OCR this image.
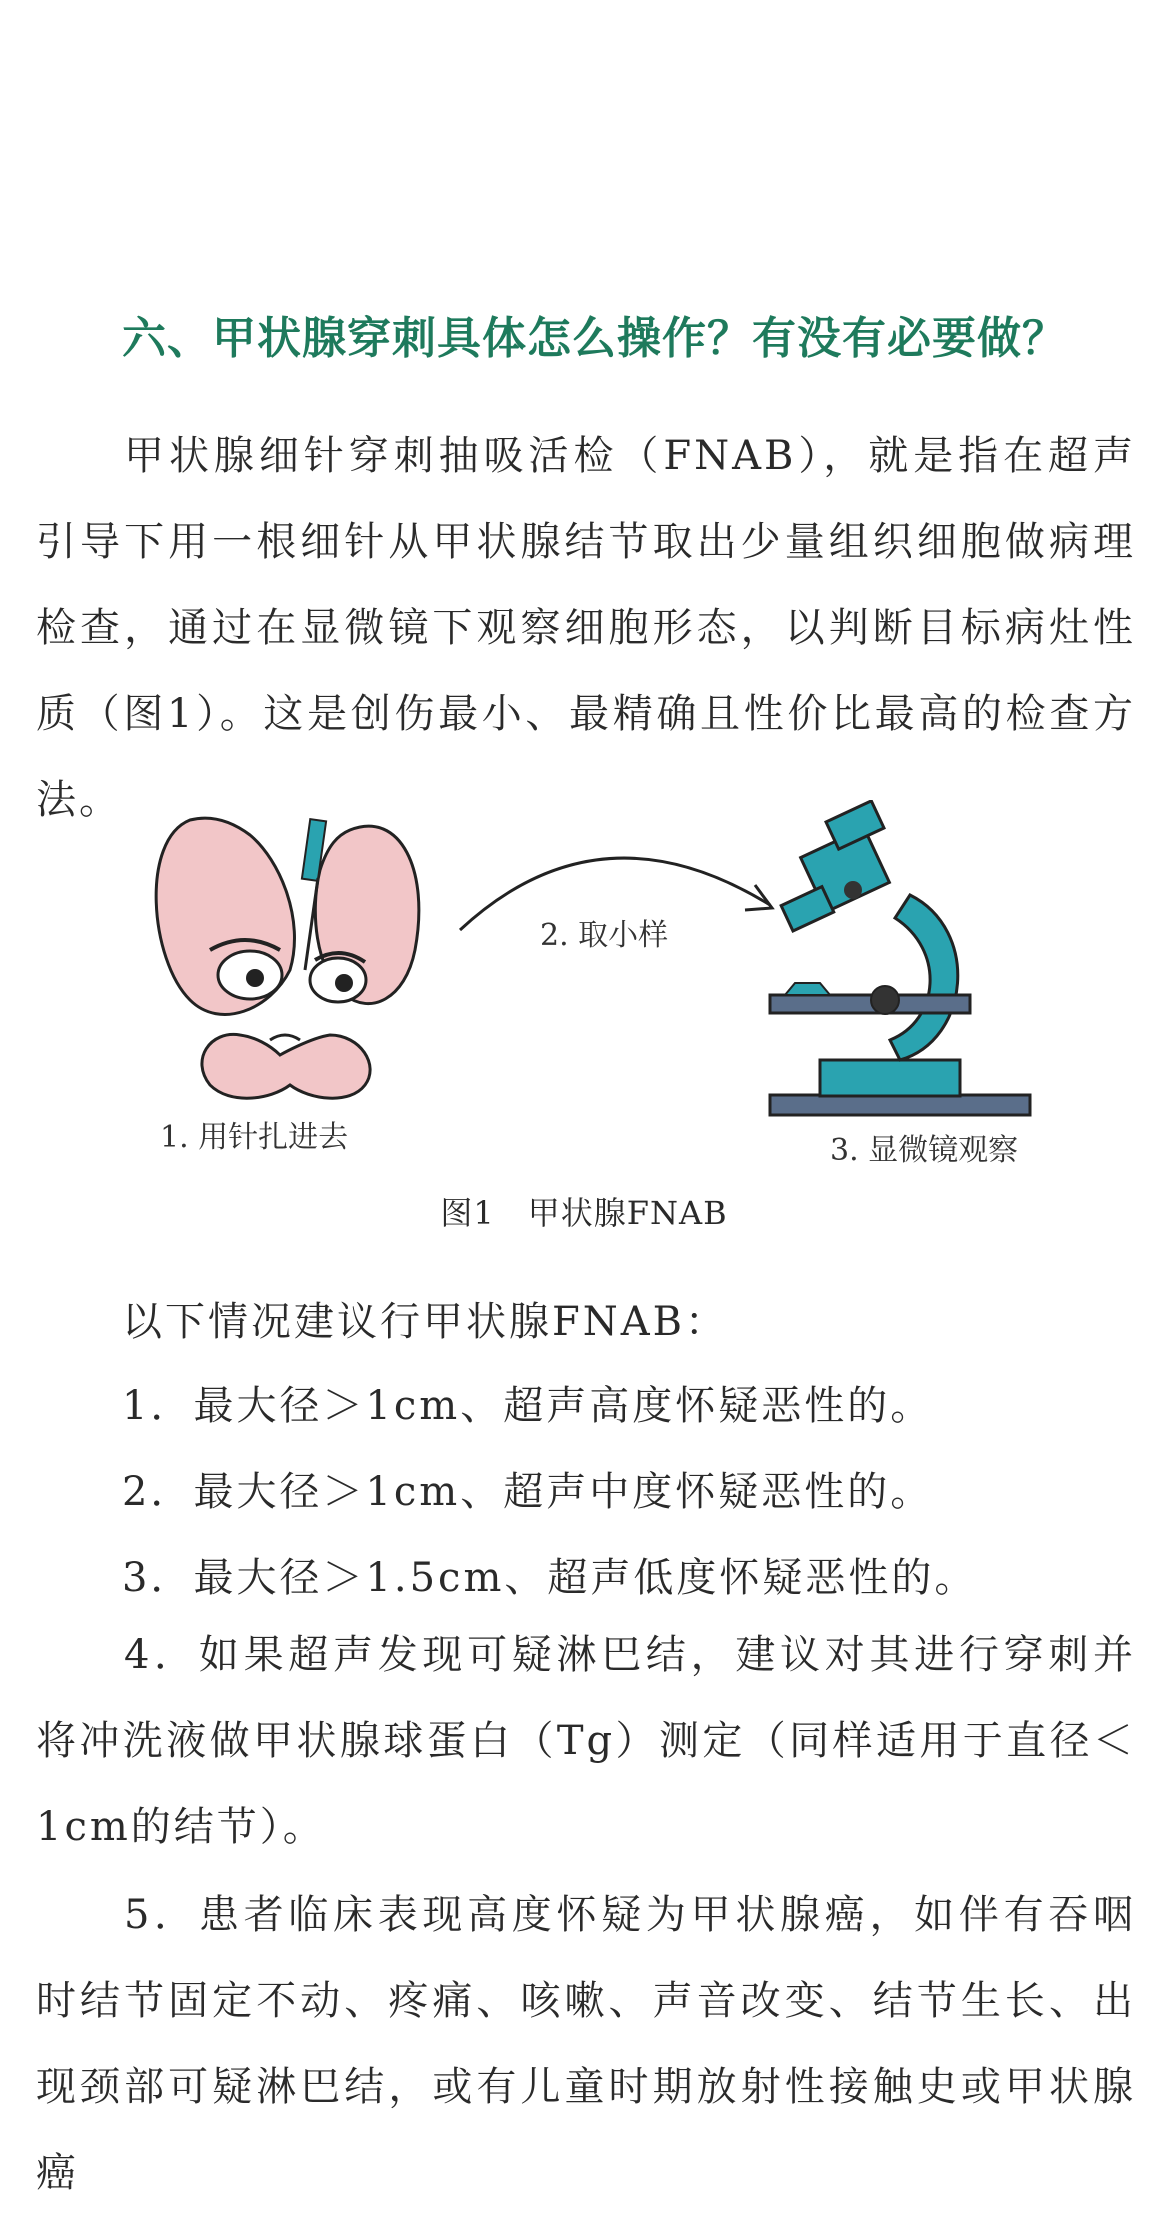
六、甲状腺穿刺具体怎么操作？有没有必要做？
甲状腺细针穿刺抽吸活检（FNAB），就是指在超声引导下用一根细针从甲状腺结节取出少量组织细胞做病理检查，通过在显微镜下观察细胞形态，以判断目标病灶性质（图1）。这是创伤最小、最精确且性价比最高的检查方法。
1. 用针扎进去
2. 取小样
3. 显微镜观察
图1　甲状腺FNAB
以下情况建议行甲状腺FNAB：
1．最大径＞1cm、超声高度怀疑恶性的。
2．最大径＞1cm、超声中度怀疑恶性的。
3．最大径＞1.5cm、超声低度怀疑恶性的。
4．如果超声发现可疑淋巴结，建议对其进行穿刺并将冲洗液做甲状腺球蛋白（Tg）测定（同样适用于直径＜1cm的结节）。
5．患者临床表现高度怀疑为甲状腺癌，如伴有吞咽时结节固定不动、疼痛、咳嗽、声音改变、结节生长、出现颈部可疑淋巴结，或有儿童时期放射性接触史或甲状腺癌
